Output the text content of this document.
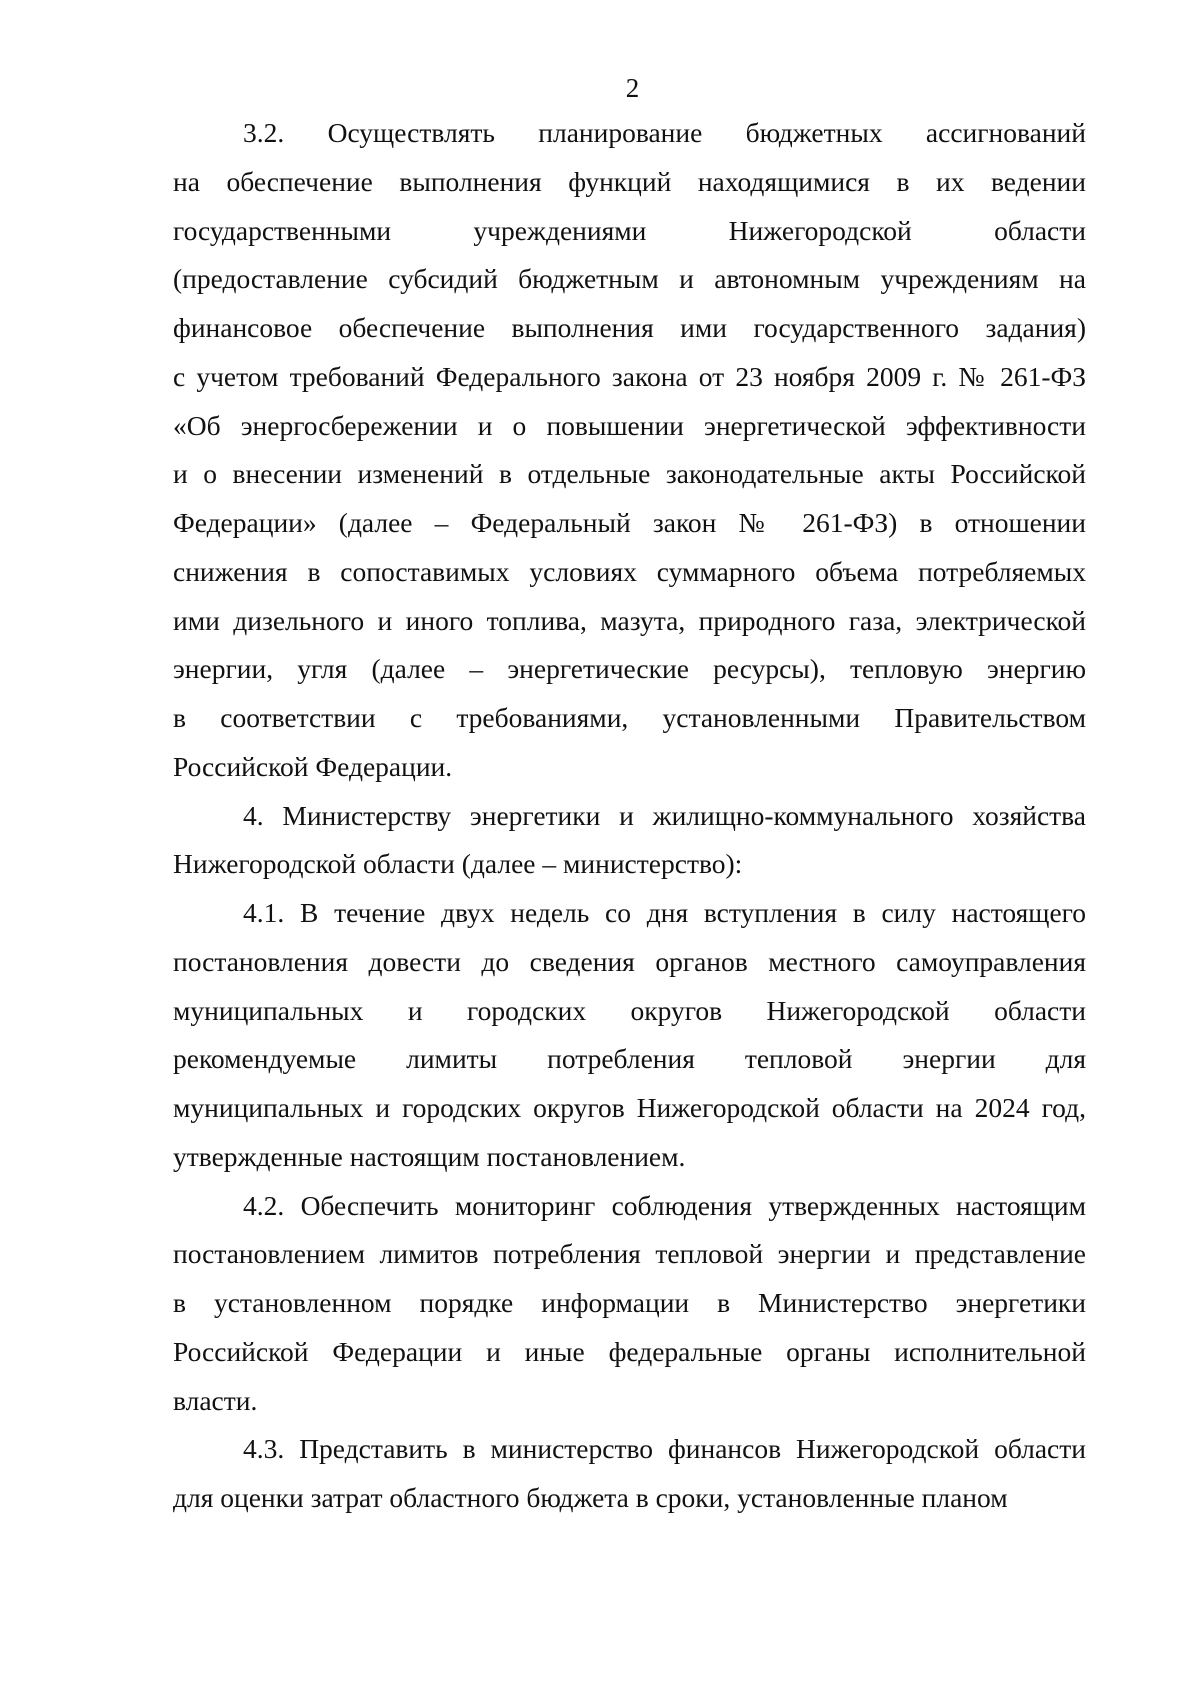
2
3.2. Осуществлять планирование бюджетных ассигнований
на обеспечение выполнения функций находящимися в их ведении
государственными учреждениями Нижегородской области
(предоставление субсидий бюджетным и автономным учреждениям на
финансовое обеспечение выполнения ими государственного задания)
с учетом требований Федерального закона от 23 ноября 2009 г. № 261-ФЗ
«Об энергосбережении и о повышении энергетической эффективности
и о внесении изменений в отдельные законодательные акты Российской
Федерации» (далее – Федеральный закон № 261-ФЗ) в отношении
снижения в сопоставимых условиях суммарного объема потребляемых
ими дизельного и иного топлива, мазута, природного газа, электрической
энергии, угля (далее – энергетические ресурсы), тепловую энергию
в соответствии с требованиями, установленными Правительством
Российской Федерации.
4. Министерству энергетики и жилищно-коммунального хозяйства
Нижегородской области (далее – министерство):
4.1. В течение двух недель со дня вступления в силу настоящего
постановления довести до сведения органов местного самоуправления
муниципальных и городских округов Нижегородской области
рекомендуемые лимиты потребления тепловой энергии для
муниципальных и городских округов Нижегородской области на 2024 год,
утвержденные настоящим постановлением.
4.2. Обеспечить мониторинг соблюдения утвержденных настоящим
постановлением лимитов потребления тепловой энергии и представление
в установленном порядке информации в Министерство энергетики
Российской Федерации и иные федеральные органы исполнительной
власти.
4.3. Представить в министерство финансов Нижегородской области
для оценки затрат областного бюджета в сроки, установленные планом
